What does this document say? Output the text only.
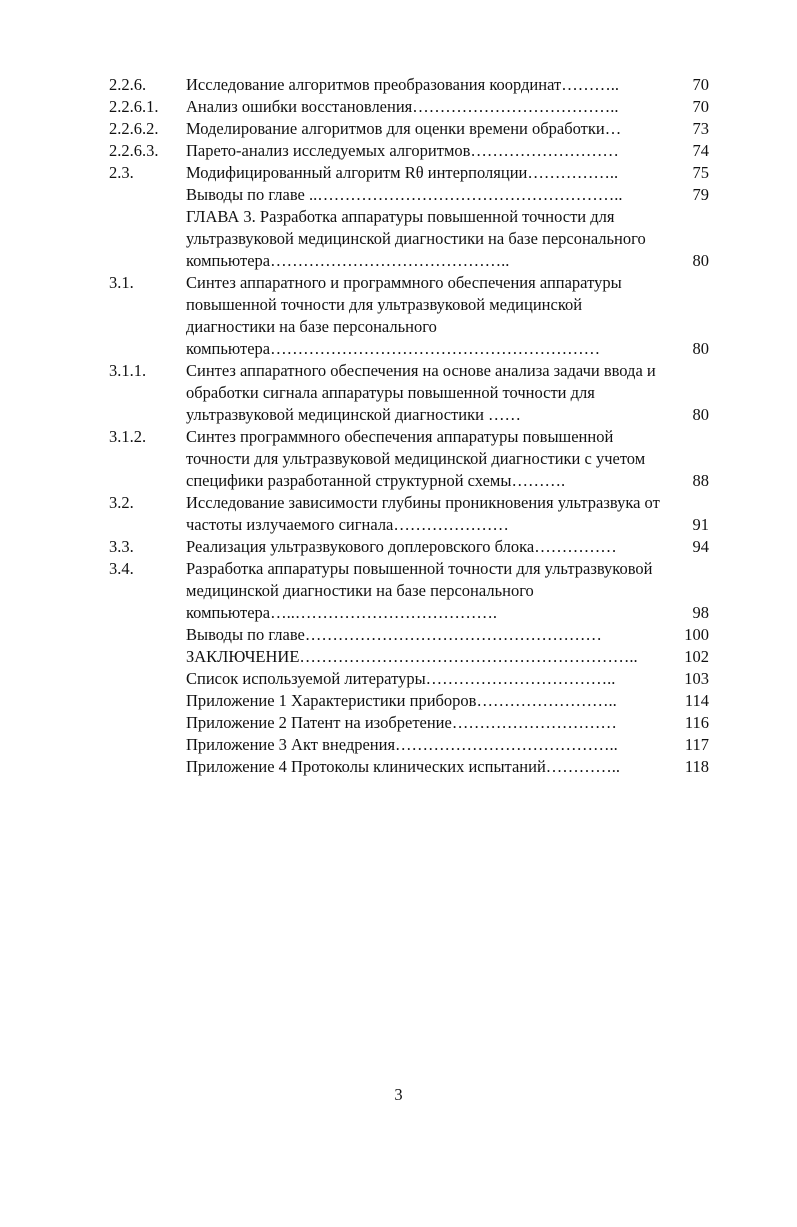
2.2.6.	Исследование алгоритмов преобразования координат………..	70
2.2.6.1.	Анализ ошибки восстановления………………………………..	70
2.2.6.2.	Моделирование алгоритмов для оценки времени обработки…	73
2.2.6.3.	Парето-анализ исследуемых алгоритмов………………………	74
2.3.	Модифицированный алгоритм Rθ интерполяции……………..	75
Выводы по главе ..………………………………………………..	79
ГЛАВА 3. Разработка аппаратуры повышенной точности для ультразвуковой медицинской диагностики на базе персонального компьютера……………………………………..	80
3.1.	Синтез аппаратного и программного обеспечения аппаратуры повышенной точности для ультразвуковой медицинской диагностики на базе персонального компьютера……………………………………………………	80
3.1.1.	Синтез аппаратного обеспечения на основе анализа задачи ввода и обработки сигнала аппаратуры повышенной точности для ультразвуковой медицинской диагностики ……	80
3.1.2.	Синтез программного обеспечения аппаратуры повышенной точности для ультразвуковой медицинской диагностики с учетом специфики разработанной структурной схемы……….	88
3.2.	Исследование зависимости глубины проникновения ультразвука от частоты излучаемого сигнала…………………	91
3.3.	Реализация ультразвукового доплеровского блока……………	94
3.4.	Разработка аппаратуры повышенной точности для ультразвуковой медицинской диагностики на базе персонального компьютера…..……………………………….	98
Выводы по главе………………………………………………	100
ЗАКЛЮЧЕНИЕ……………………………………………………..	102
Список используемой литературы……………………………..	103
Приложение 1 Характеристики приборов……………………..	114
Приложение 2 Патент на изобретение…………………………	116
Приложение 3 Акт внедрения…………………………………..	117
Приложение 4 Протоколы клинических испытаний…………..	118
3
